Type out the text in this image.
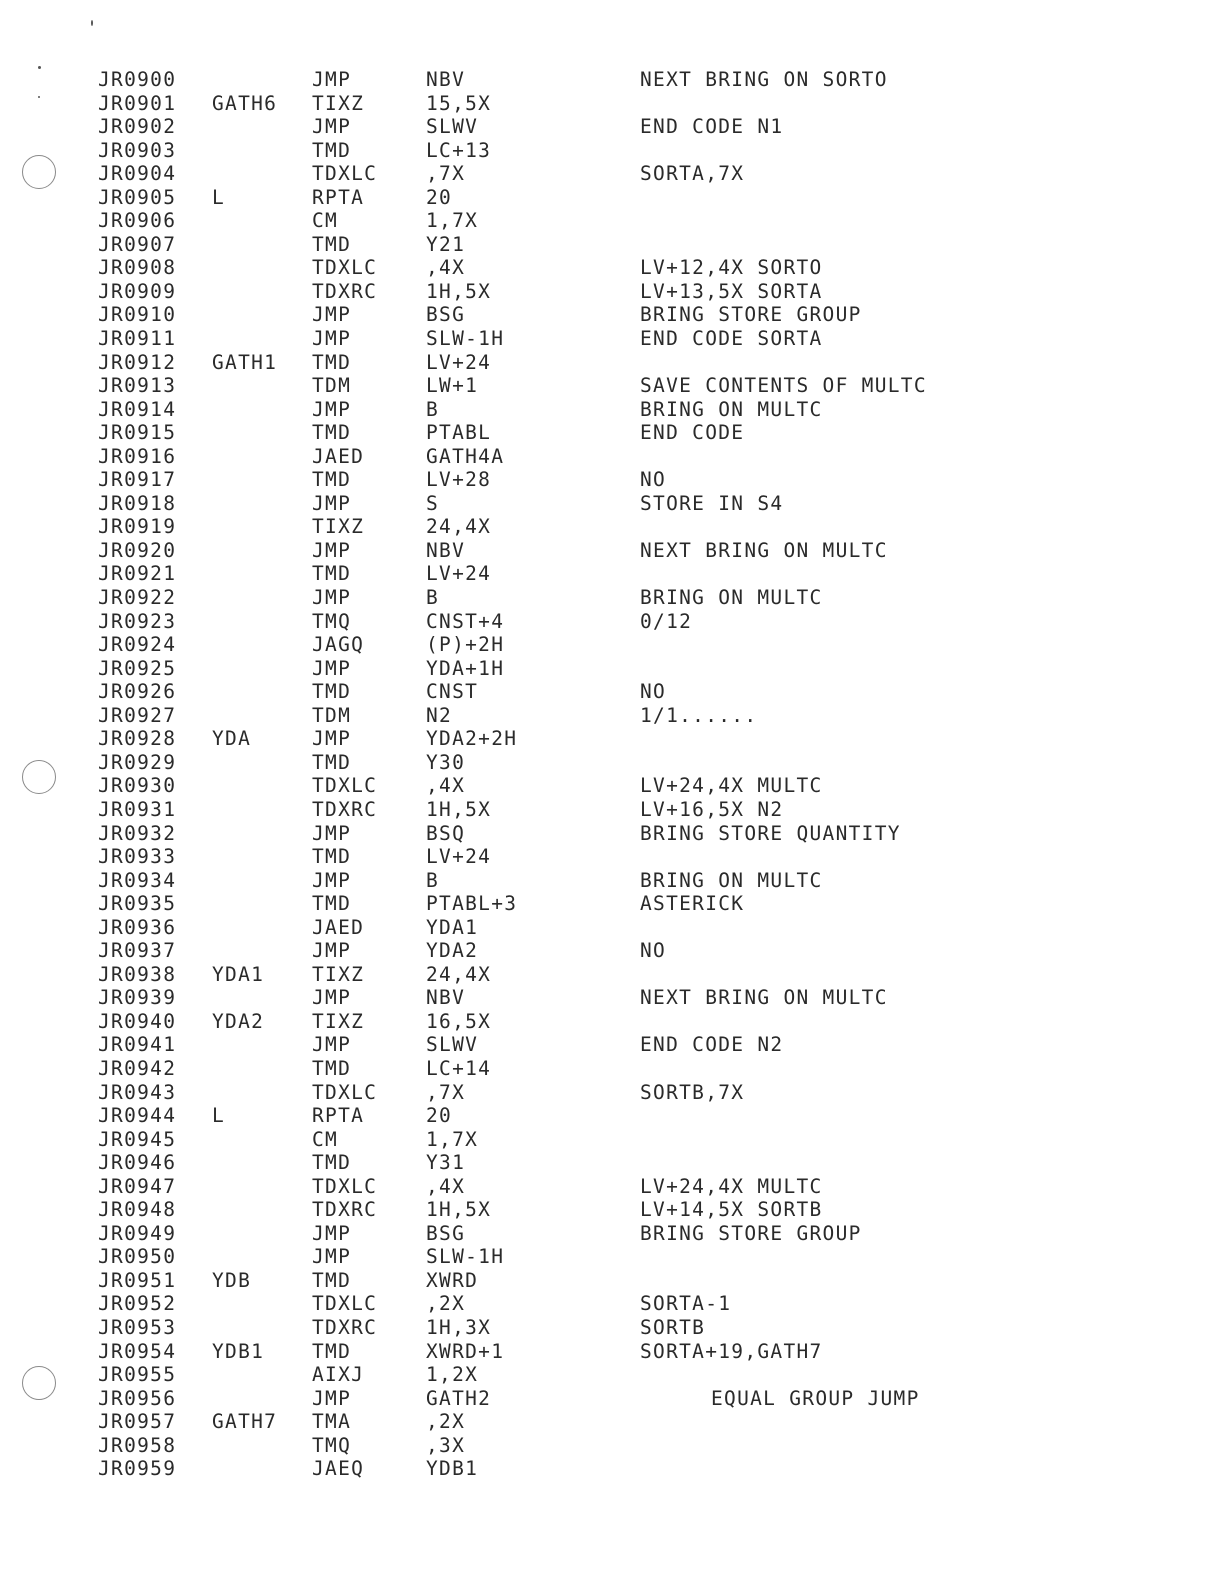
JR0900	JMP	NBV	NEXT BRING ON SORTO
JR0901 GATH6 TIXZ	15,5X
JR0902	JMP	SLWV	END CODE N1
JR0903	TMD	LC+13
JR0904	TDXLC	,7X	SORTA,7X
JR0905 L	RPTA	20
JR0906	CM	1,7X
JR0907	TMD	Y21
JR0908	TDXLC	,4X	LV+12,4X SORTO
JR0909	TDXRC	1H,5X	LV+13,5X SORTA
JR0910	JMP	BSG	BRING STORE GROUP
JR0911	JMP	SLW-1H	END CODE SORTA
JR0912 GATH1 TMD	LV+24
JR0913	TDM	LW+1	SAVE CONTENTS OF MULTC
JR0914	JMP	B	BRING ON MULTC
JR0915	TMD	PTABL	END CODE
JR0916	JAED	GATH4A
JR0917	TMD	LV+28	NO
JR0918	JMP	S	STORE IN S4
JR0919	TIXZ	24,4X
JR0920	JMP	NBV	NEXT BRING ON MULTC
JR0921	TMD	LV+24
JR0922	JMP	B	BRING ON MULTC
JR0923	TMQ	CNST+4	0/12
JR0924	JAGQ	(P)+2H
JR0925	JMP	YDA+1H
JR0926	TMD	CNST	NO
JR0927	TDM	N2	1/1......
JR0928 YDA	JMP	YDA2+2H
JR0929	TMD	Y30
JR0930	TDXLC	,4X	LV+24,4X MULTC
JR0931	TDXRC	1H,5X	LV+16,5X N2
JR0932	JMP	BSQ	BRING STORE QUANTITY
JR0933	TMD	LV+24
JR0934	JMP	B	BRING ON MULTC
JR0935	TMD	PTABL+3	ASTERICK
JR0936	JAED	YDA1
JR0937	JMP	YDA2	NO
JR0938 YDA1 TIXZ	24,4X
JR0939	JMP	NBV	NEXT BRING ON MULTC
JR0940 YDA2 TIXZ	16,5X
JR0941	JMP	SLWV	END CODE N2
JR0942	TMD	LC+14
JR0943	TDXLC	,7X	SORTB,7X
JR0944 L	RPTA	20
JR0945	CM	1,7X
JR0946	TMD	Y31
JR0947	TDXLC	,4X	LV+24,4X MULTC
JR0948	TDXRC	1H,5X	LV+14,5X SORTB
JR0949	JMP	BSG	BRING STORE GROUP
JR0950	JMP	SLW-1H
JR0951 YDB	TMD	XWRD
JR0952	TDXLC	,2X	SORTA-1
JR0953	TDXRC	1H,3X	SORTB
JR0954 YDB1 TMD	XWRD+1	SORTA+19,GATH7
JR0955	AIXJ	1,2X
JR0956	JMP	GATH2	EQUAL GROUP JUMP
JR0957 GATH7 TMA	,2X
JR0958	TMQ	,3X
JR0959	JAEQ	YDB1
